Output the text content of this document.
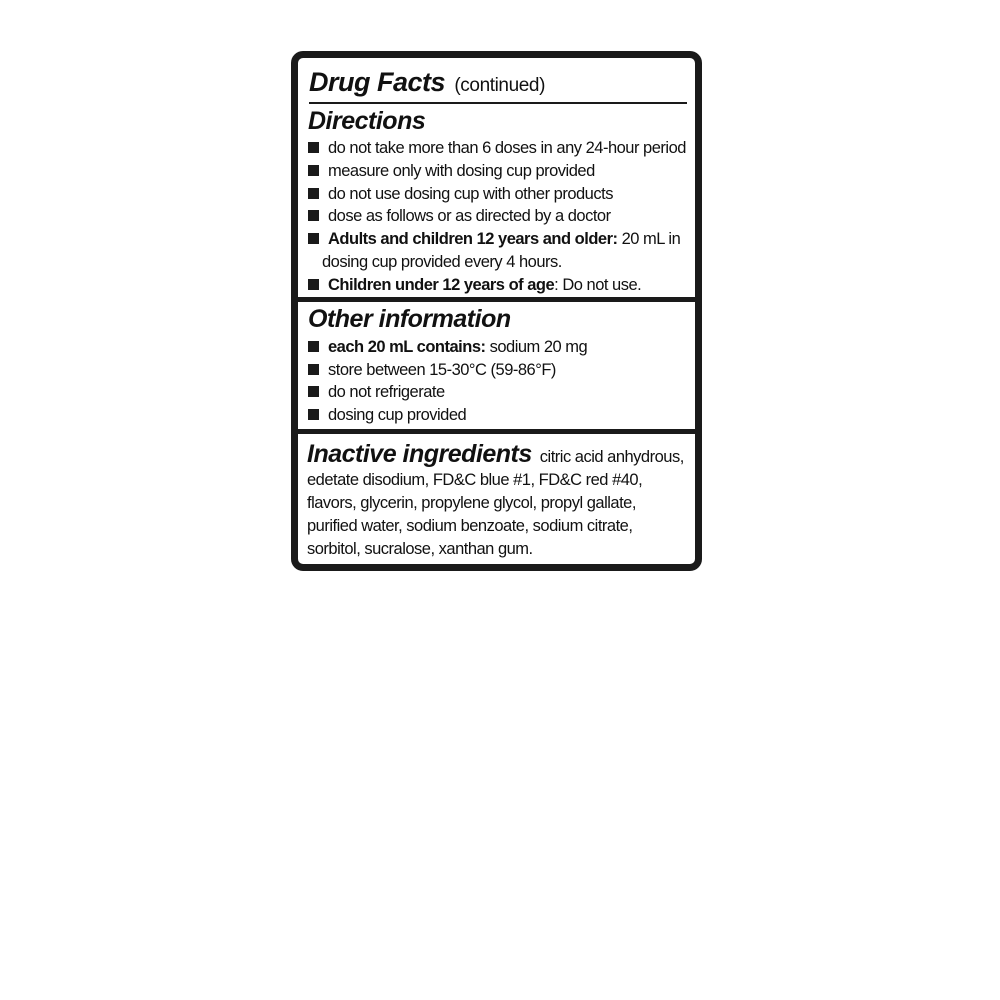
Drug Facts (continued)
Directions
do not take more than 6 doses in any 24-hour period
measure only with dosing cup provided
do not use dosing cup with other products
dose as follows or as directed by a doctor
Adults and children 12 years and older: 20 mL in
dosing cup provided every 4 hours.
Children under 12 years of age: Do not use.
Other information
each 20 mL contains: sodium 20 mg
store between 15-30°C (59-86°F)
do not refrigerate
dosing cup provided
Inactive ingredients citric acid anhydrous,
edetate disodium, FD&C blue #1, FD&C red #40,
flavors, glycerin, propylene glycol, propyl gallate,
purified water, sodium benzoate, sodium citrate,
sorbitol, sucralose, xanthan gum.
